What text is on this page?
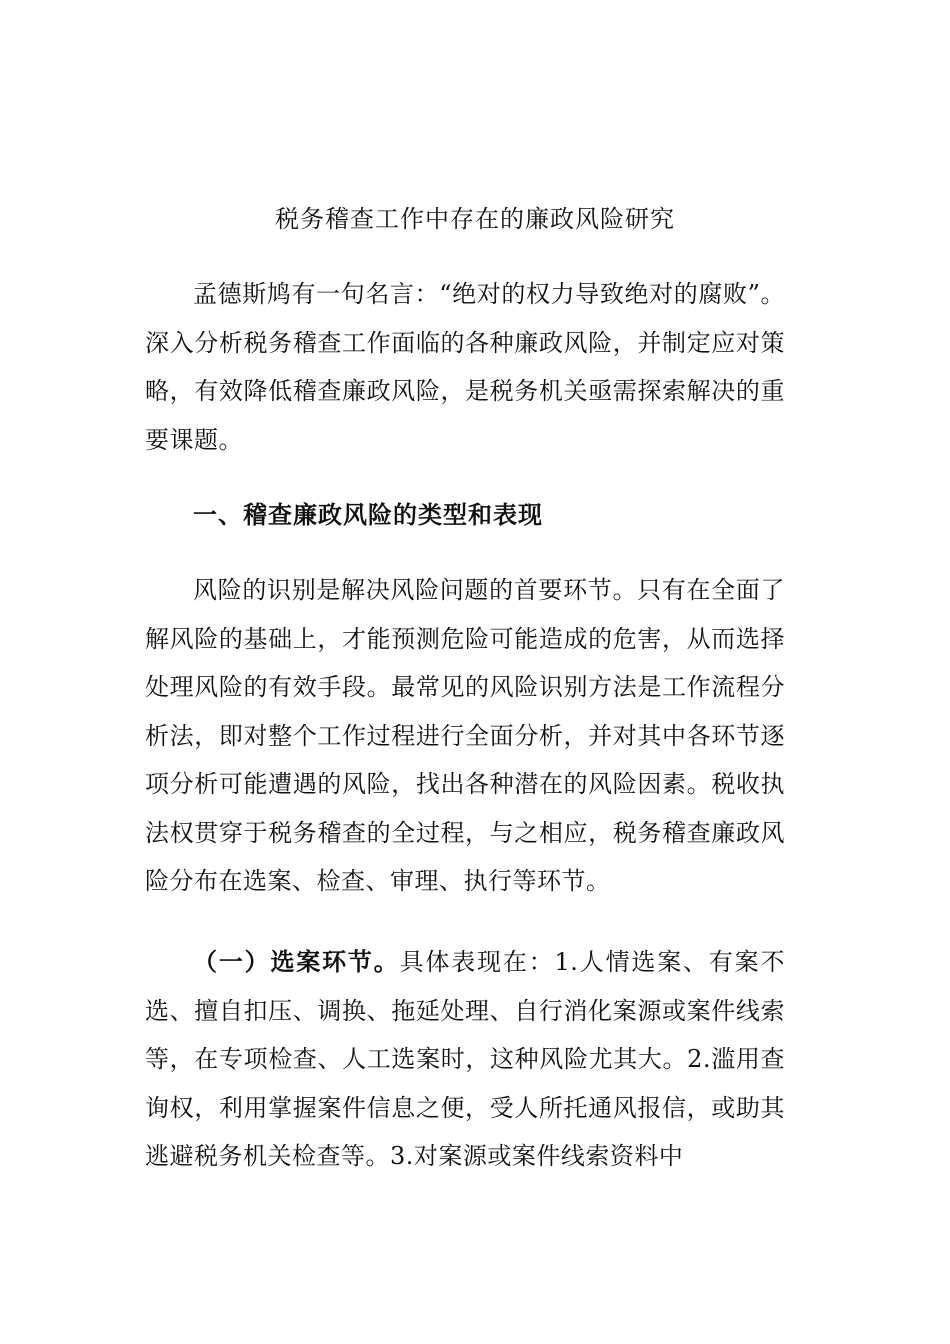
税务稽查工作中存在的廉政风险研究

孟德斯鸠有一句名言：“绝对的权力导致绝对的腐败”。深入分析税务稽查工作面临的各种廉政风险，并制定应对策略，有效降低稽查廉政风险，是税务机关亟需探索解决的重要课题。

一、稽查廉政风险的类型和表现

风险的识别是解决风险问题的首要环节。只有在全面了解风险的基础上，才能预测危险可能造成的危害，从而选择处理风险的有效手段。最常见的风险识别方法是工作流程分析法，即对整个工作过程进行全面分析，并对其中各环节逐项分析可能遭遇的风险，找出各种潜在的风险因素。税收执法权贯穿于税务稽查的全过程，与之相应，税务稽查廉政风险分布在选案、检查、审理、执行等环节。

（一）选案环节。具体表现在：1.人情选案、有案不选、擅自扣压、调换、拖延处理、自行消化案源或案件线索等，在专项检查、人工选案时，这种风险尤其大。2.滥用查询权，利用掌握案件信息之便，受人所托通风报信，或助其逃避税务机关检查等。3.对案源或案件线索资料中
